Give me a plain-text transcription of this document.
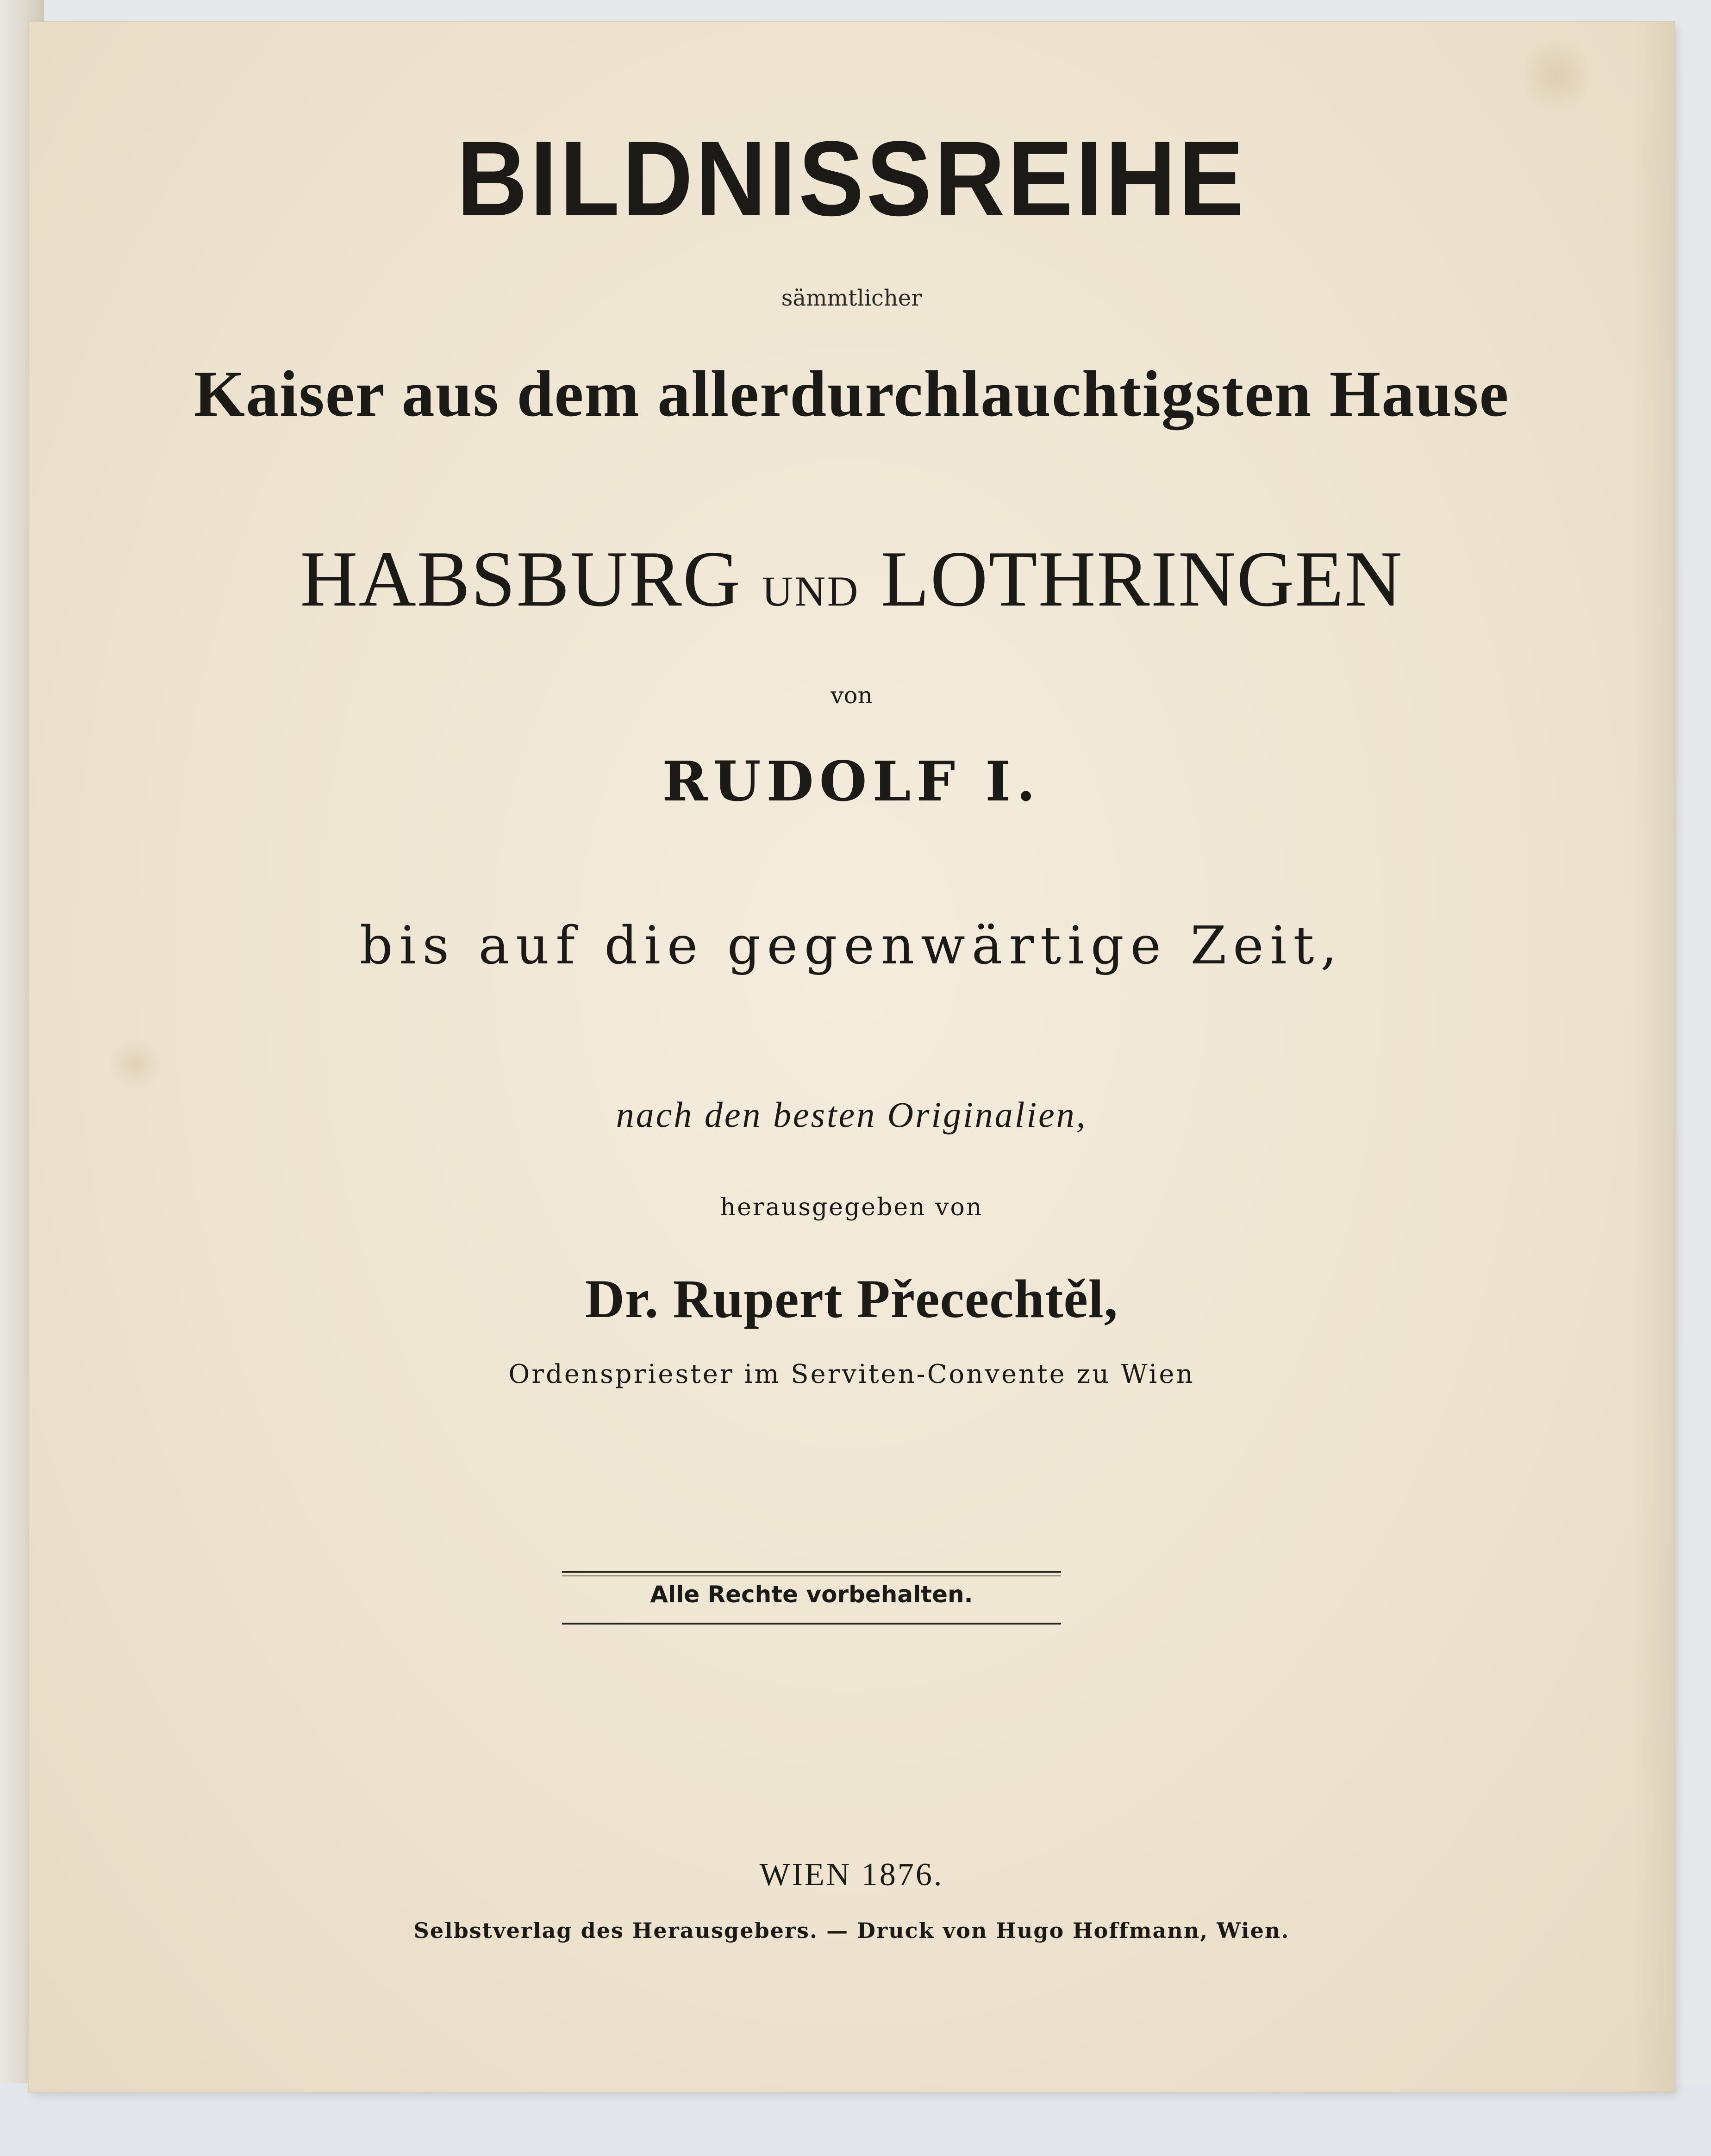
BILDNISSREIHE
sämmtlicher
Kaiser aus dem allerdurchlauchtigsten Hause
HABSBURG UND LOTHRINGEN
von
RUDOLF I.
bis auf die gegenwärtige Zeit,
nach den besten Originalien,
herausgegeben von
Dr. Rupert Přecechtěl,
Ordenspriester im Serviten-Convente zu Wien
Alle Rechte vorbehalten.
WIEN 1876.
Selbstverlag des Herausgebers. — Druck von Hugo Hoffmann, Wien.
